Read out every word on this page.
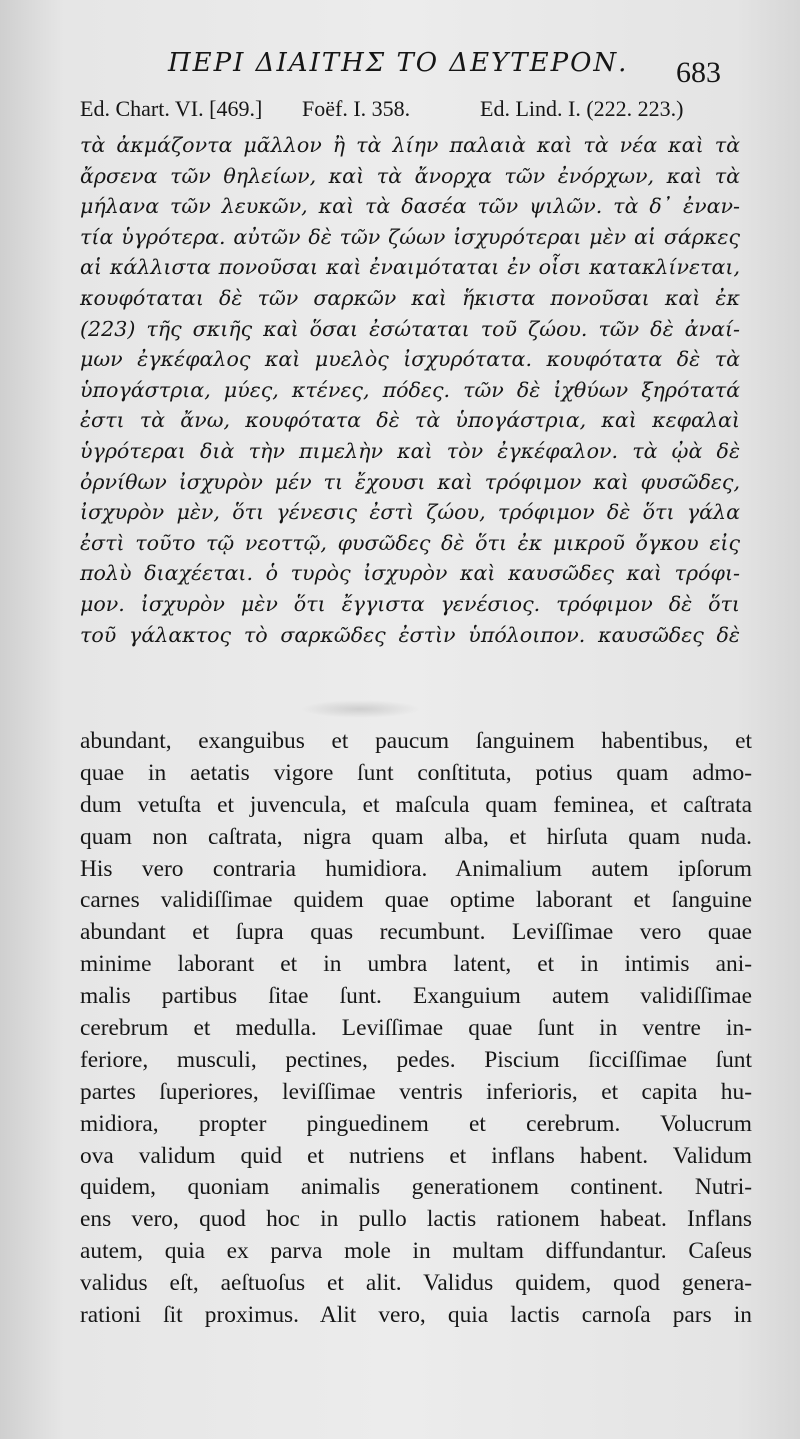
ΠΕΡΙ ΔΙΑΙΤΗΣ ΤΟ ΔΕΥΤΕΡΟΝ. 683
Ed. Chart. VI. [469.] Foëf. I. 358.	Ed. Lind. I. (222. 223.)
τὰ ἀκμάζοντα μᾶλλον ἢ τὰ λίην παλαιὰ καὶ τὰ νέα καὶ τὰ
ἄρσενα τῶν θηλείων, καὶ τὰ ἄνορχα τῶν ἐνόρχων, καὶ τὰ
μήλανα τῶν λευκῶν, καὶ τὰ δασέα τῶν ψιλῶν. τὰ δ᾽ ἐναν-
τία ὑγρότερα. αὐτῶν δὲ τῶν ζώων ἰσχυρότεραι μὲν αἱ σάρκες
αἱ κάλλιστα πονοῦσαι καὶ ἐναιμόταται ἐν οἷσι κατακλίνεται,
κουφόταται δὲ τῶν σαρκῶν καὶ ἥκιστα πονοῦσαι καὶ ἐκ
(223) τῆς σκιῆς καὶ ὅσαι ἐσώταται τοῦ ζώου. τῶν δὲ ἀναί-
μων ἐγκέφαλος καὶ μυελὸς ἰσχυρότατα. κουφότατα δὲ τὰ
ὑπογάστρια, μύες, κτένες, πόδες. τῶν δὲ ἰχθύων ξηρότατά
ἐστι τὰ ἄνω, κουφότατα δὲ τὰ ὑπογάστρια, καὶ κεφαλαὶ
ὑγρότεραι διὰ τὴν πιμελὴν καὶ τὸν ἐγκέφαλον. τὰ ᾠὰ δὲ
ὀρνίθων ἰσχυρὸν μέν τι ἔχουσι καὶ τρόφιμον καὶ φυσῶδες,
ἰσχυρὸν μὲν, ὅτι γένεσις ἐστὶ ζώου, τρόφιμον δὲ ὅτι γάλα
ἐστὶ τοῦτο τῷ νεοττῷ, φυσῶδες δὲ ὅτι ἐκ μικροῦ ὄγκου εἰς
πολὺ διαχέεται. ὁ τυρὸς ἰσχυρὸν καὶ καυσῶδες καὶ τρόφι-
μον. ἰσχυρὸν μὲν ὅτι ἔγγιστα γενέσιος. τρόφιμον δὲ ὅτι
τοῦ γάλακτος τὸ σαρκῶδες ἐστὶν ὑπόλοιπον. καυσῶδες δὲ
abundant, exanguibus et paucum ſanguinem habentibus, et
quae in aetatis vigore ſunt conſtituta, potius quam admo-
dum vetuſta et juvencula, et maſcula quam feminea, et caſtrata
quam non caſtrata, nigra quam alba, et hirſuta quam nuda.
His vero contraria humidiora. Animalium autem ipſorum
carnes validiſſimae quidem quae optime laborant et ſanguine
abundant et ſupra quas recumbunt. Leviſſimae vero quae
minime laborant et in umbra latent, et in intimis ani-
malis partibus ſitae ſunt. Exanguium autem validiſſimae
cerebrum et medulla. Leviſſimae quae ſunt in ventre in-
feriore, musculi, pectines, pedes. Piscium ſicciſſimae ſunt
partes ſuperiores, leviſſimae ventris inferioris, et capita hu-
midiora, propter pinguedinem et cerebrum. Volucrum
ova validum quid et nutriens et inflans habent. Validum
quidem, quoniam animalis generationem continent. Nutri-
ens vero, quod hoc in pullo lactis rationem habeat. Inflans
autem, quia ex parva mole in multam diffundantur. Caſeus
validus eſt, aeſtuoſus et alit. Validus quidem, quod genera-
rationi ſit proximus. Alit vero, quia lactis carnoſa pars in
